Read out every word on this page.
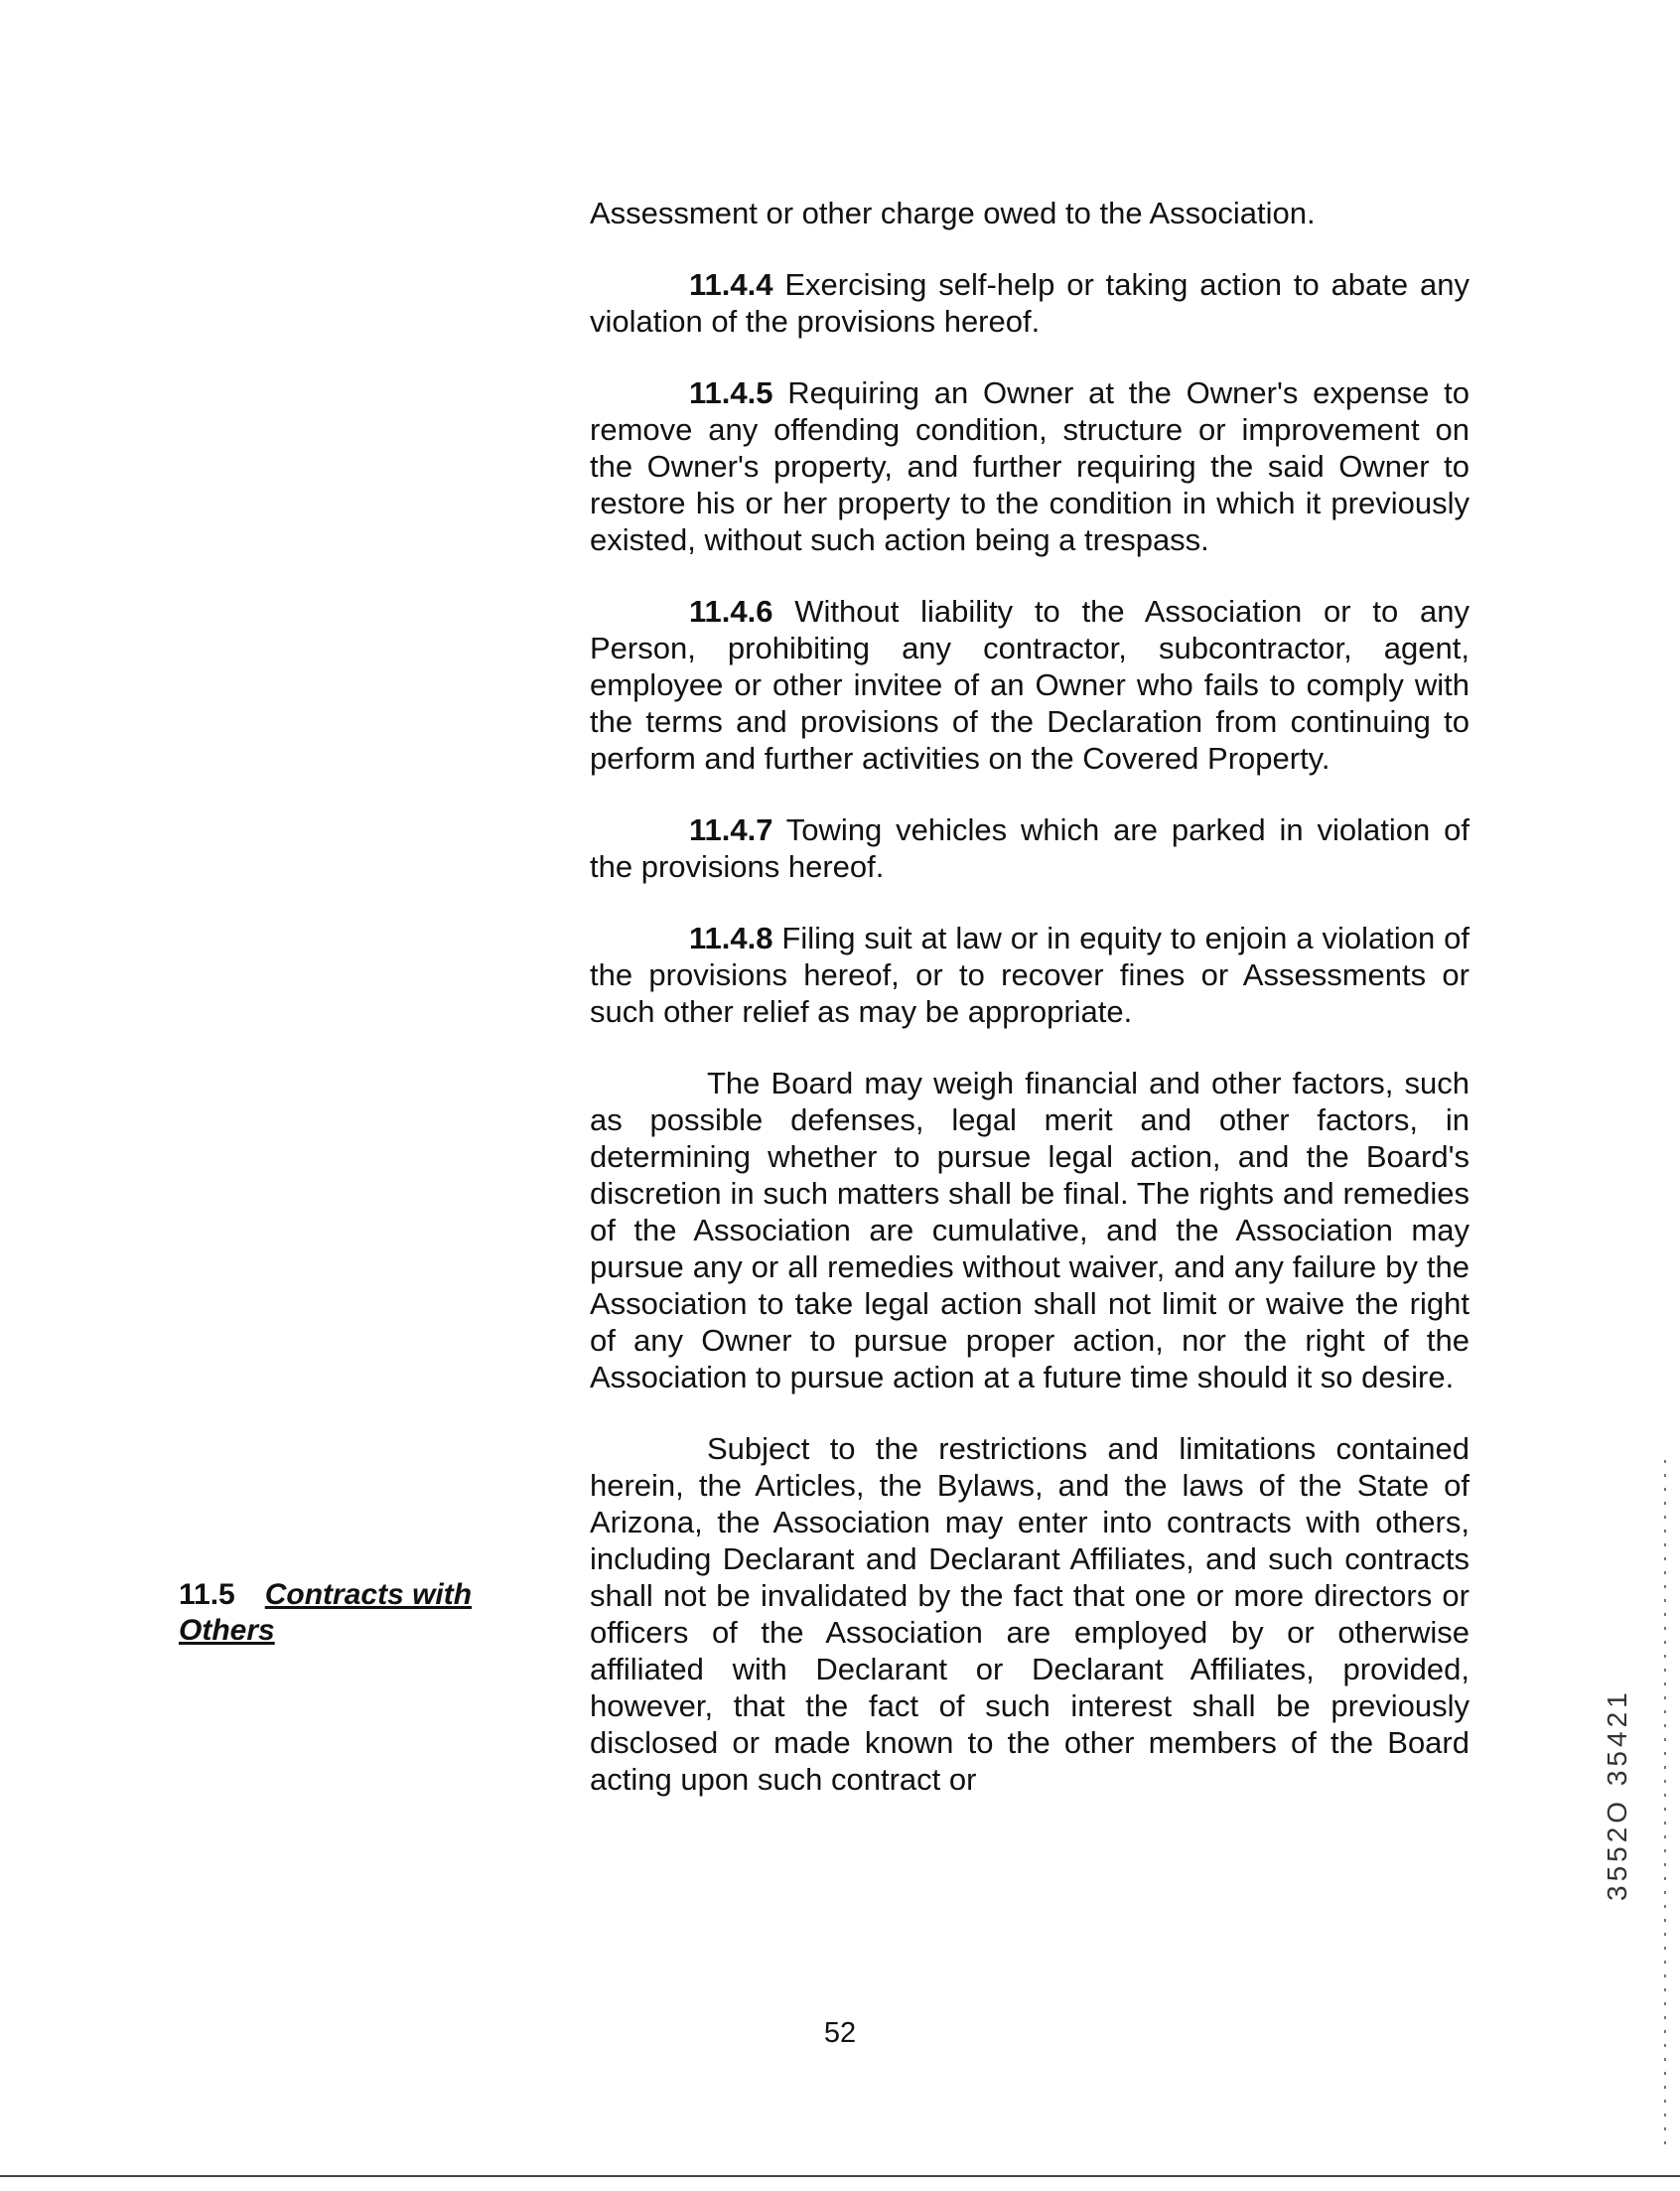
Assessment or other charge owed to the Association.

11.4.4 Exercising self-help or taking action to abate any violation of the provisions hereof.

11.4.5 Requiring an Owner at the Owner's expense to remove any offending condition, structure or improvement on the Owner's property, and further requiring the said Owner to restore his or her property to the condition in which it previously existed, without such action being a trespass.

11.4.6 Without liability to the Association or to any Person, prohibiting any contractor, subcontractor, agent, employee or other invitee of an Owner who fails to comply with the terms and provisions of the Declaration from continuing to perform and further activities on the Covered Property.

11.4.7 Towing vehicles which are parked in violation of the provisions hereof.

11.4.8 Filing suit at law or in equity to enjoin a violation of the provisions hereof, or to recover fines or Assessments or such other relief as may be appropriate.

The Board may weigh financial and other factors, such as possible defenses, legal merit and other factors, in determining whether to pursue legal action, and the Board's discretion in such matters shall be final. The rights and remedies of the Association are cumulative, and the Association may pursue any or all remedies without waiver, and any failure by the Association to take legal action shall not limit or waive the right of any Owner to pursue proper action, nor the right of the Association to pursue action at a future time should it so desire.

Subject to the restrictions and limitations contained herein, the Articles, the Bylaws, and the laws of the State of Arizona, the Association may enter into contracts with others, including Declarant and Declarant Affiliates, and such contracts shall not be invalidated by the fact that one or more directors or officers of the Association are employed by or otherwise affiliated with Declarant or Declarant Affiliates, provided, however, that the fact of such interest shall be previously disclosed or made known to the other members of the Board acting upon such contract or

11.5 Contracts with Others
52
3552O 35421
